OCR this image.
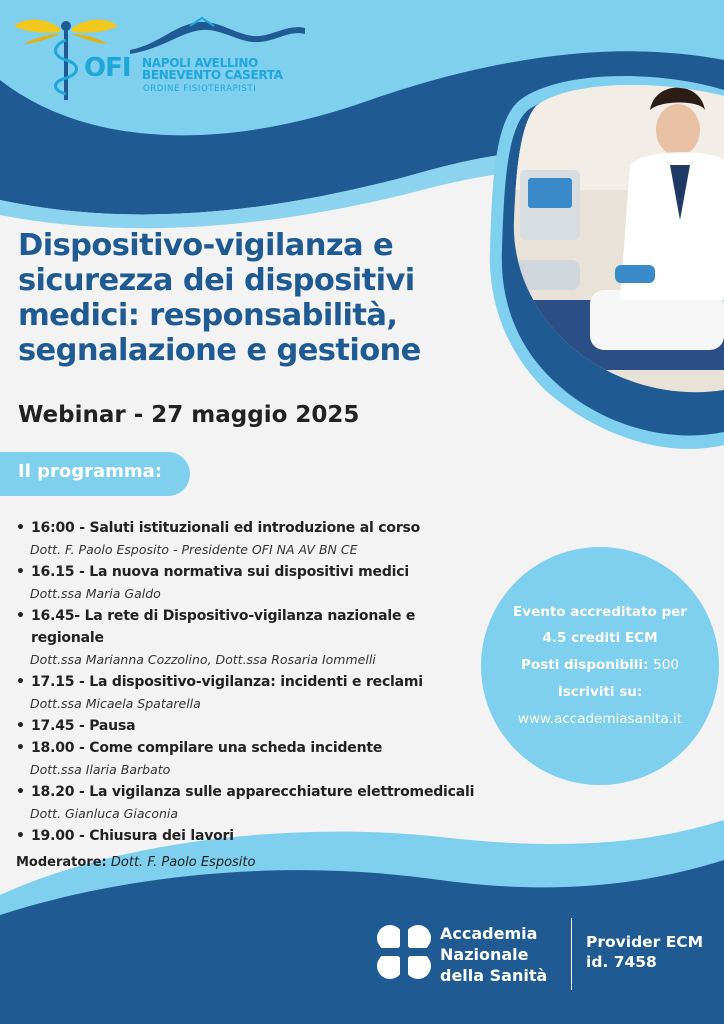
OFI NAPOLI AVELLINO
BENEVENTO CASERTA
ORDINE FISIOTERAPISTI
Dispositivo-vigilanza e
sicurezza dei dispositivi
medici: responsabilità,
segnalazione e gestione
Webinar - 27 maggio 2025
Il programma:
• 16:00 - Saluti istituzionali ed introduzione al corso
Dott. F. Paolo Esposito - Presidente OFI NA AV BN CE
• 16.15 - La nuova normativa sui dispositivi medici
Dott.ssa Maria Galdo
• 16.45- La rete di Dispositivo-vigilanza nazionale e regionale
Dott.ssa Marianna Cozzolino, Dott.ssa Rosaria Iommelli
• 17.15 - La dispositivo-vigilanza: incidenti e reclami
Dott.ssa Micaela Spatarella
• 17.45 - Pausa
• 18.00 - Come compilare una scheda incidente
Dott.ssa Ilaria Barbato
• 18.20 - La vigilanza sulle apparecchiature elettromedicali
Dott. Gianluca Giaconia
• 19.00 - Chiusura dei lavori
Moderatore: Dott. F. Paolo Esposito
Evento accreditato per
4.5 crediti ECM
Posti disponibili: 500
Iscriviti su:
www.accademiasanita.it
Accademia
Nazionale
della Sanità
Provider ECM
id. 7458
